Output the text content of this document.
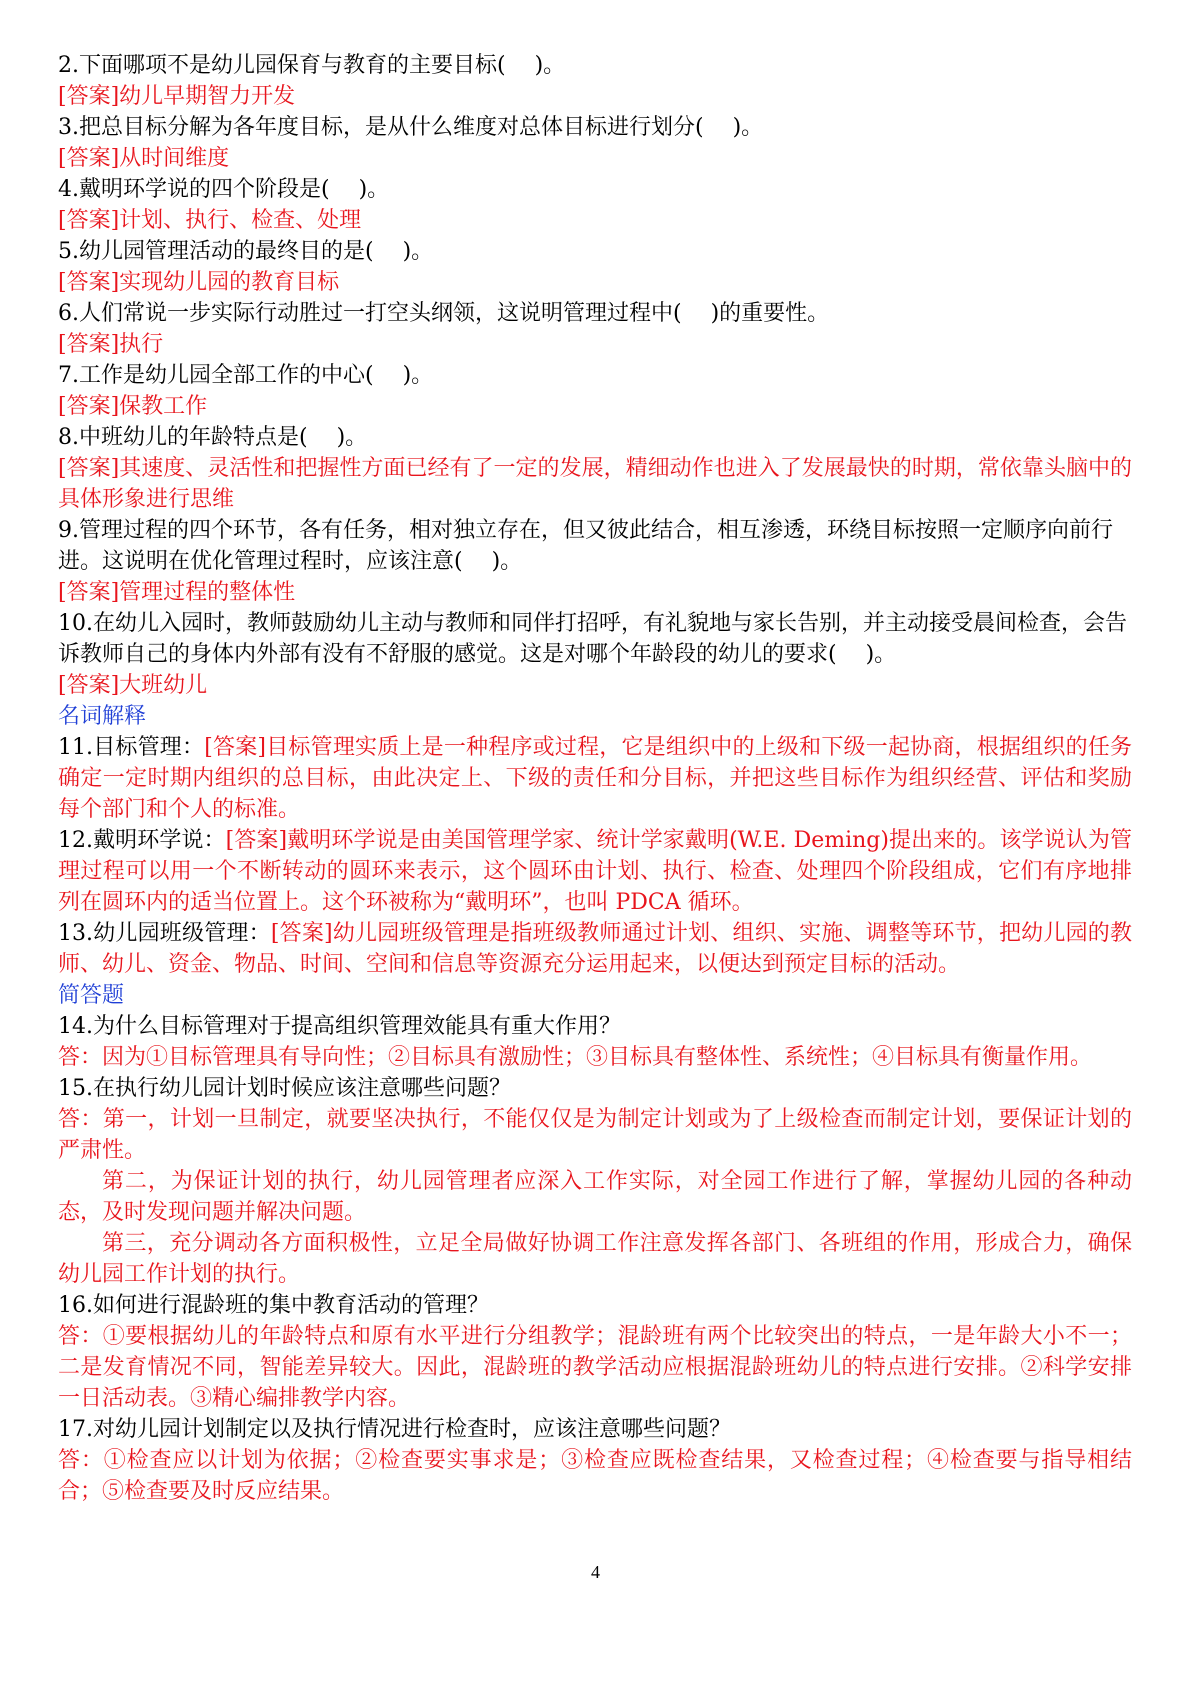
2.下面哪项不是幼儿园保育与教育的主要目标(　 )。

[答案]幼儿早期智力开发

3.把总目标分解为各年度目标，是从什么维度对总体目标进行划分(　 )。

[答案]从时间维度

4.戴明环学说的四个阶段是(　 )。

[答案]计划、执行、检查、处理

5.幼儿园管理活动的最终目的是(　 )。

[答案]实现幼儿园的教育目标

6.人们常说一步实际行动胜过一打空头纲领，这说明管理过程中(　 )的重要性。

[答案]执行

7.工作是幼儿园全部工作的中心(　 )。

[答案]保教工作

8.中班幼儿的年龄特点是(　 )。

[答案]其速度、灵活性和把握性方面已经有了一定的发展，精细动作也进入了发展最快的时期，常依靠头脑中的具体形象进行思维

9.管理过程的四个环节，各有任务，相对独立存在，但又彼此结合，相互渗透，环绕目标按照一定顺序向前行进。这说明在优化管理过程时，应该注意(　 )。

[答案]管理过程的整体性

10.在幼儿入园时，教师鼓励幼儿主动与教师和同伴打招呼，有礼貌地与家长告别，并主动接受晨间检查，会告诉教师自己的身体内外部有没有不舒服的感觉。这是对哪个年龄段的幼儿的要求(　 )。

[答案]大班幼儿

名词解释

11.目标管理：[答案]目标管理实质上是一种程序或过程，它是组织中的上级和下级一起协商，根据组织的任务确定一定时期内组织的总目标，由此决定上、下级的责任和分目标，并把这些目标作为组织经营、评估和奖励每个部门和个人的标准。

12.戴明环学说：[答案]戴明环学说是由美国管理学家、统计学家戴明(W.E. Deming)提出来的。该学说认为管理过程可以用一个不断转动的圆环来表示，这个圆环由计划、执行、检查、处理四个阶段组成，它们有序地排列在圆环内的适当位置上。这个环被称为“戴明环”，也叫 PDCA 循环。

13.幼儿园班级管理：[答案]幼儿园班级管理是指班级教师通过计划、组织、实施、调整等环节，把幼儿园的教师、幼儿、资金、物品、时间、空间和信息等资源充分运用起来，以便达到预定目标的活动。

简答题

14.为什么目标管理对于提高组织管理效能具有重大作用？

答：因为①目标管理具有导向性；②目标具有激励性；③目标具有整体性、系统性；④目标具有衡量作用。

15.在执行幼儿园计划时候应该注意哪些问题？

答：第一，计划一旦制定，就要坚决执行，不能仅仅是为制定计划或为了上级检查而制定计划，要保证计划的严肃性。

第二，为保证计划的执行，幼儿园管理者应深入工作实际，对全园工作进行了解，掌握幼儿园的各种动态，及时发现问题并解决问题。

第三，充分调动各方面积极性，立足全局做好协调工作注意发挥各部门、各班组的作用，形成合力，确保幼儿园工作计划的执行。

16.如何进行混龄班的集中教育活动的管理？

答：①要根据幼儿的年龄特点和原有水平进行分组教学；混龄班有两个比较突出的特点，一是年龄大小不一；二是发育情况不同，智能差异较大。因此，混龄班的教学活动应根据混龄班幼儿的特点进行安排。②科学安排一日活动表。③精心编排教学内容。

17.对幼儿园计划制定以及执行情况进行检查时，应该注意哪些问题？

答：①检查应以计划为依据；②检查要实事求是；③检查应既检查结果，又检查过程；④检查要与指导相结合；⑤检查要及时反应结果。

4
